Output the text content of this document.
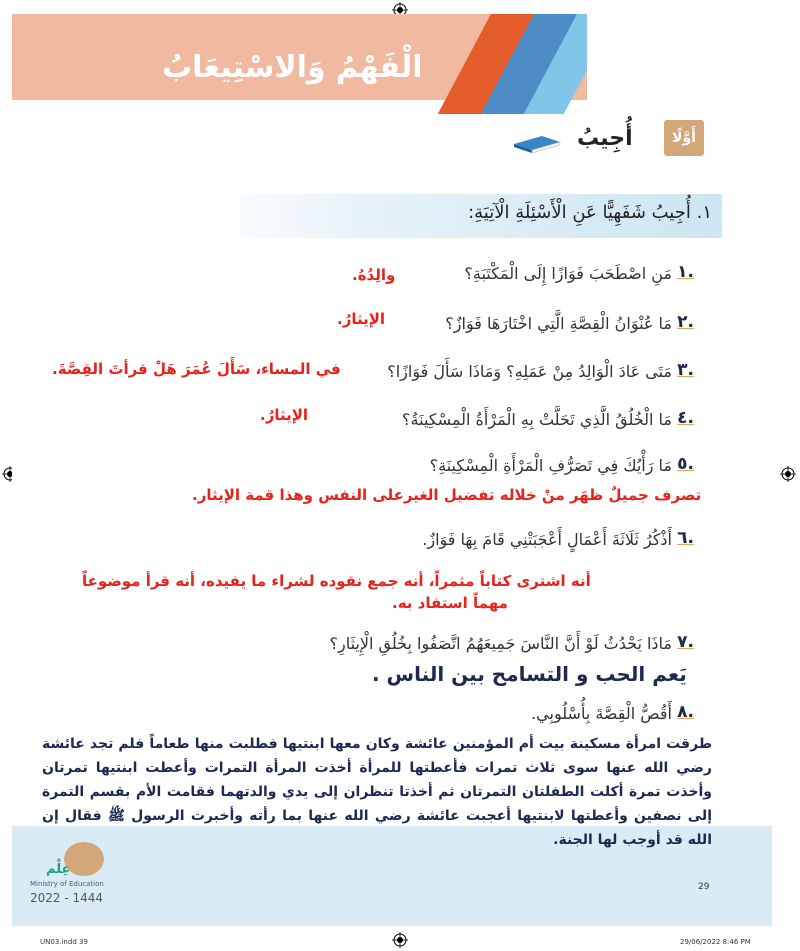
الْفَهْمُ وَالاسْتِيعَابُ
أَوَّلًا
أُجِيبُ
١. أُجِيبُ شَفَهِيًّا عَنِ الْأَسْئِلَةِ الْآتِيَةِ:
١.
مَنِ اصْطَحَبَ فَوَازًا إِلَى الْمَكْتَبَةِ؟
والِدُهُ.
٢.
مَا عُنْوَانُ الْقِصَّةِ الَّتِي اخْتَارَهَا فَوَازٌ؟
الإيثارُ.
٣.
مَتَى عَادَ الْوَالِدُ مِنْ عَمَلِهِ؟ وَمَاذَا سَأَلَ فَوَازًا؟
في المساء، سَأَلَ عُمَرَ هَلْ قرأتَ القِصَّةَ.
٤.
مَا الْخُلُقُ الَّذِي تَحَلَّتْ بِهِ الْمَرْأَةُ الْمِسْكِينَةُ؟
الإيثارُ.
٥.
مَا رَأْيُكَ فِي تَصَرُّفِ الْمَرْأَةِ الْمِسْكِينَةِ؟
تصرف جميلٌ ظهَر منْ خلاله تفضيل الغيرعلى النفس وهذا قمة الإيثار.
٦.
أَذْكُرُ ثَلَاثَةَ أَعْمَالٍ أَعْجَبَتْنِي قَامَ بِهَا فَوَازٌ.
أنه اشترى كتاباً مثمراً، أنه جمع نقوده لشراء ما يفيده، أنه قرأ موضوعاً
مهماً استفاد به.
٧.
مَاذَا يَحْدُثُ لَوْ أَنَّ النَّاسَ جَمِيعَهُمُ اتَّصَفُوا بِخُلُقِ الْإِيثَارِ؟
يَعم الحب و التسامح بين الناس .
٨.
أَقُصُّ الْقِصَّةَ بِأُسْلُوبِي.
طرقت امرأة مسكينة بيت أم المؤمنين عائشة وكان معها ابنتيها فطلبت منها طعاماً فلم تجد عائشة رضي الله عنها سوى ثلاث تمرات فأعطتها للمرأة أخذت المرأة التمرات وأعطت ابنتيها تمرتان وأخذت تمرة أكلت الطفلتان التمرتان ثم أخذتا تنظران إلى يدي والدتهما فقامت الأم بقسم التمرة إلى نصفين وأعطتها لابنتيها أعجبت عائشة رضي الله عنها بما رأته وأخبرت الرسول ﷺ فقال إن الله قد أوجب لها الجنة.
عِلْم
Ministry of Education
2022 - 1444
29
UN03.indd 39	29/06/2022 8:46 PM
